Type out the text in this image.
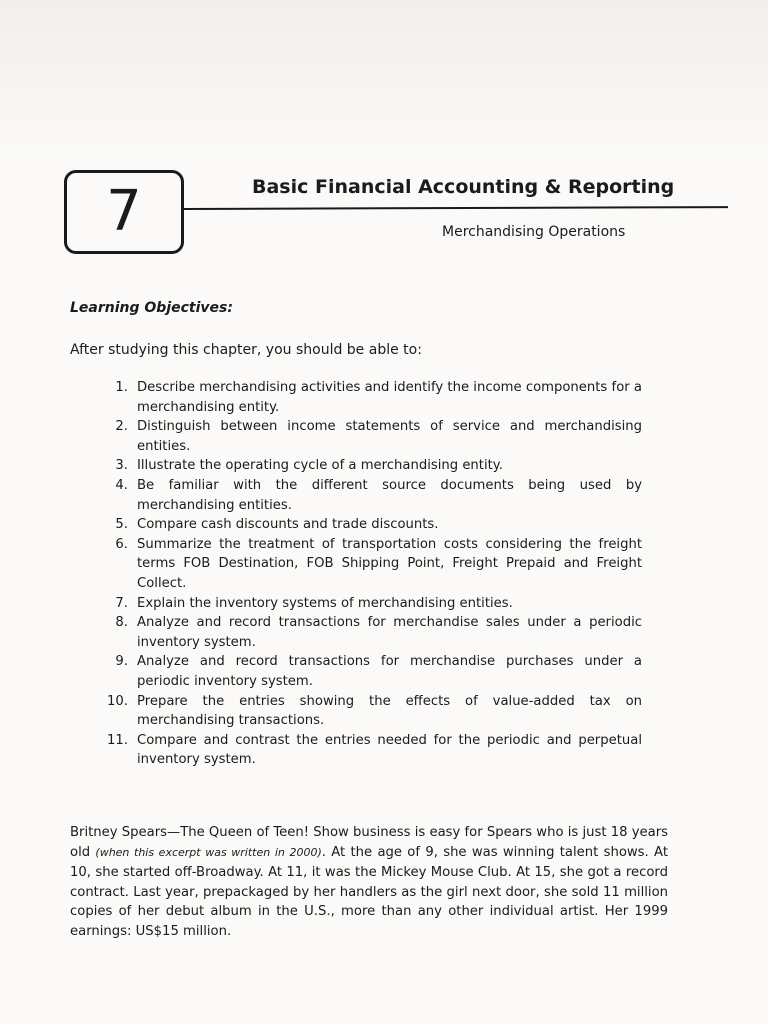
7	Basic Financial Accounting & Reporting
Merchandising Operations
Learning Objectives:
After studying this chapter, you should be able to:
1. Describe merchandising activities and identify the income components for a merchandising entity.
2. Distinguish between income statements of service and merchandising entities.
3. Illustrate the operating cycle of a merchandising entity.
4. Be familiar with the different source documents being used by merchandising entities.
5. Compare cash discounts and trade discounts.
6. Summarize the treatment of transportation costs considering the freight terms FOB Destination, FOB Shipping Point, Freight Prepaid and Freight Collect.
7. Explain the inventory systems of merchandising entities.
8. Analyze and record transactions for merchandise sales under a periodic inventory system.
9. Analyze and record transactions for merchandise purchases under a periodic inventory system.
10. Prepare the entries showing the effects of value-added tax on merchandising transactions.
11. Compare and contrast the entries needed for the periodic and perpetual inventory system.

Britney Spears—The Queen of Teen! Show business is easy for Spears who is just 18 years old (when this excerpt was written in 2000). At the age of 9, she was winning talent shows. At 10, she started off-Broadway. At 11, it was the Mickey Mouse Club. At 15, she got a record contract. Last year, prepackaged by her handlers as the girl next door, she sold 11 million copies of her debut album in the U.S., more than any other individual artist. Her 1999 earnings: US$15 million.
